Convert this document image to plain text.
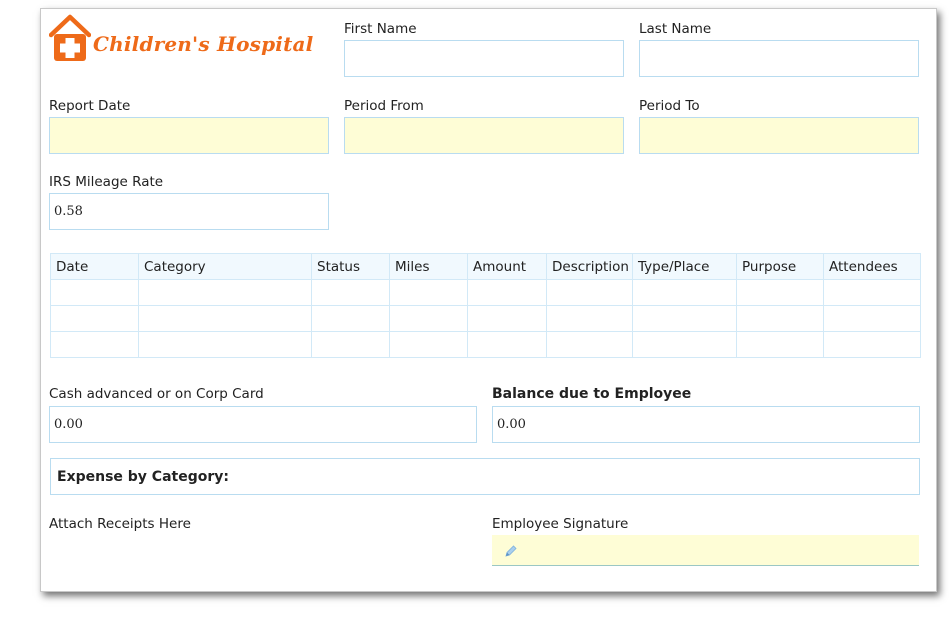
Children's Hospital
First Name	Last Name
Report Date	Period From	Period To
IRS Mileage Rate
0.58
Date	Category	Status	Miles	Amount	Description	Type/Place	Purpose	Attendees

Cash advanced or on Corp Card
0.00
Balance due to Employee
0.00
Expense by Category:
Attach Receipts Here	Employee Signature
